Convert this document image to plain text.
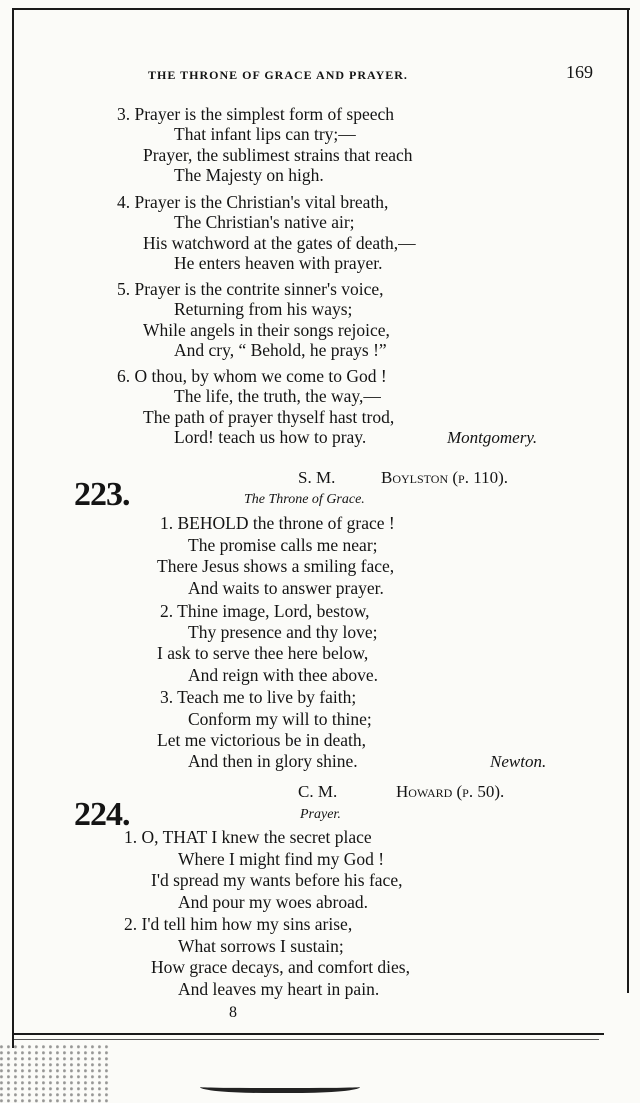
THE THRONE OF GRACE AND PRAYER.	169
3. Prayer is the simplest form of speech
That infant lips can try;—
Prayer, the sublimest strains that reach
The Majesty on high.
4. Prayer is the Christian's vital breath,
The Christian's native air;
His watchword at the gates of death,—
He enters heaven with prayer.
5. Prayer is the contrite sinner's voice,
Returning from his ways;
While angels in their songs rejoice,
And cry, “ Behold, he prays !”
6. O thou, by whom we come to God !
The life, the truth, the way,—
The path of prayer thyself hast trod,
Lord! teach us how to pray.	Montgomery.
S. M.	Boylston (p. 110).
223.	The Throne of Grace.
1. BEHOLD the throne of grace !
The promise calls me near;
There Jesus shows a smiling face,
And waits to answer prayer.
2. Thine image, Lord, bestow,
Thy presence and thy love;
I ask to serve thee here below,
And reign with thee above.
3. Teach me to live by faith;
Conform my will to thine;
Let me victorious be in death,
And then in glory shine.	Newton.
C. M.	Howard (p. 50).
224.	Prayer.
1. O, THAT I knew the secret place
Where I might find my God !
I'd spread my wants before his face,
And pour my woes abroad.
2. I'd tell him how my sins arise,
What sorrows I sustain;
How grace decays, and comfort dies,
And leaves my heart in pain.
8
